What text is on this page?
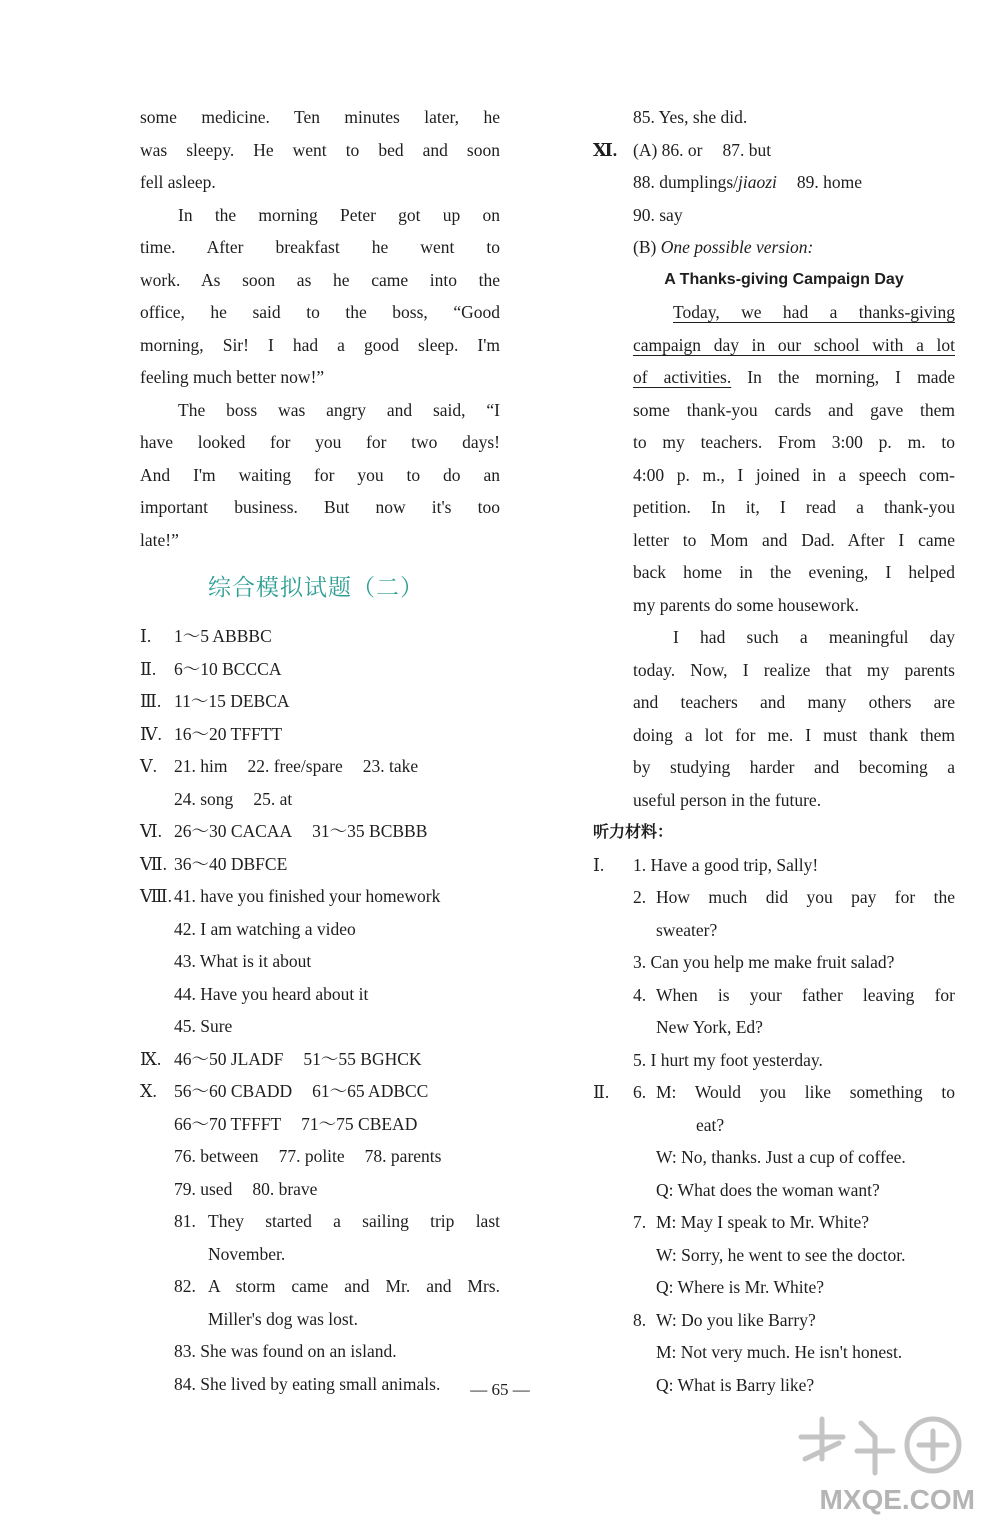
some medicine. Ten minutes later, he
was sleepy. He went to bed and soon
fell asleep.
In the morning Peter got up on
time. After breakfast he went to
work. As soon as he came into the
office, he said to the boss, “Good
morning, Sir! I had a good sleep. I'm
feeling much better now!”
The boss was angry and said, “I
have looked for you for two days!
And I'm waiting for you to do an
important business. But now it's too
late!”
综合模拟试题（二）
Ⅰ. 1～5 ABBBC
Ⅱ. 6～10 BCCCA
Ⅲ. 11～15 DEBCA
Ⅳ. 16～20 TFFTT
Ⅴ. 21. him 22. free/spare 23. take
24. song 25. at
Ⅵ. 26～30 CACAA 31～35 BCBBB
Ⅶ. 36～40 DBFCE
Ⅷ. 41. have you finished your homework
42. I am watching a video
43. What is it about
44. Have you heard about it
45. Sure
Ⅸ. 46～50 JLADF 51～55 BGHCK
Ⅹ. 56～60 CBADD 61～65 ADBCC
66～70 TFFFT 71～75 CBEAD
76. between 77. polite 78. parents
79. used 80. brave
81. They started a sailing trip last
November.
82. A storm came and Mr. and Mrs.
Miller's dog was lost.
83. She was found on an island.
84. She lived by eating small animals.
85. Yes, she did.
Ⅺ. (A) 86. or 87. but
88. dumplings/jiaozi 89. home
90. say
(B) One possible version:
A Thanks-giving Campaign Day
Today, we had a thanks-giving
campaign day in our school with a lot
of activities. In the morning, I made
some thank-you cards and gave them
to my teachers. From 3:00 p. m. to
4:00 p. m., I joined in a speech com-
petition. In it, I read a thank-you
letter to Mom and Dad. After I came
back home in the evening, I helped
my parents do some housework.
I had such a meaningful day
today. Now, I realize that my parents
and teachers and many others are
doing a lot for me. I must thank them
by studying harder and becoming a
useful person in the future.
听力材料：
Ⅰ. 1. Have a good trip, Sally!
2. How much did you pay for the
sweater?
3. Can you help me make fruit salad?
4. When is your father leaving for
New York, Ed?
5. I hurt my foot yesterday.
Ⅱ. 6. M: Would you like something to
eat?
W: No, thanks. Just a cup of coffee.
Q: What does the woman want?
7. M: May I speak to Mr. White?
W: Sorry, he went to see the doctor.
Q: Where is Mr. White?
8. W: Do you like Barry?
M: Not very much. He isn't honest.
Q: What is Barry like?
— 65 —
MXQE.COM
